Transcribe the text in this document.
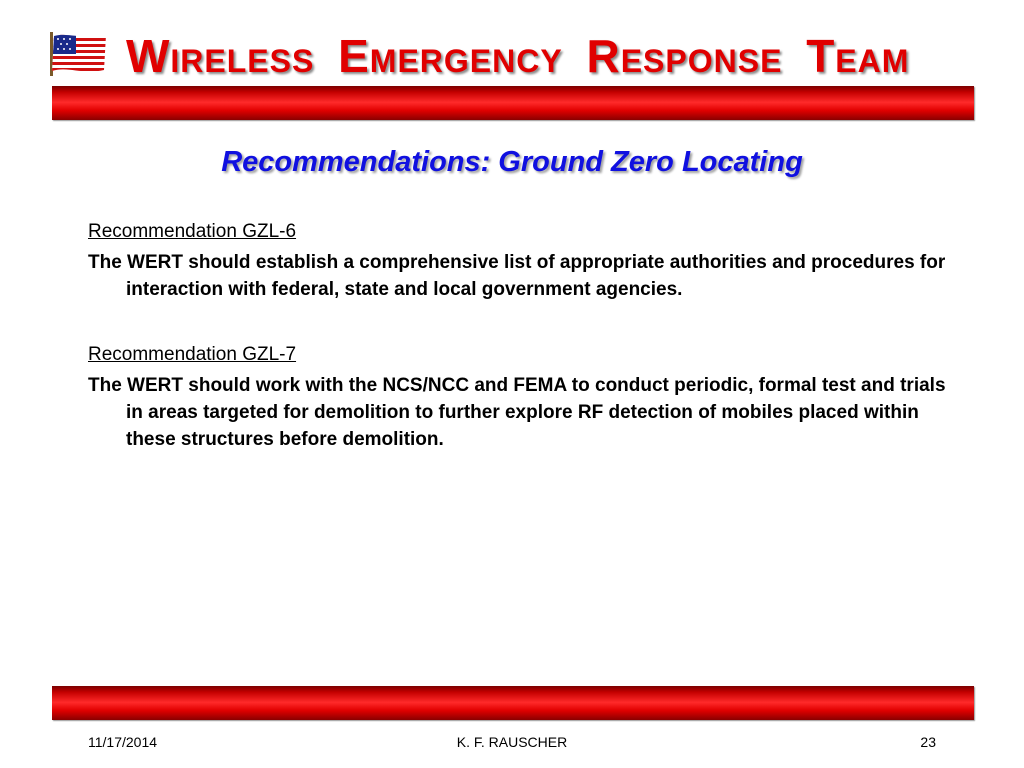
Wireless Emergency Response Team
Recommendations: Ground Zero Locating
Recommendation GZL-6

The WERT should establish a comprehensive list of appropriate authorities and procedures for interaction with federal, state and local government agencies.

Recommendation GZL-7

The WERT should work with the NCS/NCC and FEMA to conduct periodic, formal test and trials in areas targeted for demolition to further explore RF detection of mobiles placed within these structures before demolition.

11/17/2014	K. F. RAUSCHER	23
